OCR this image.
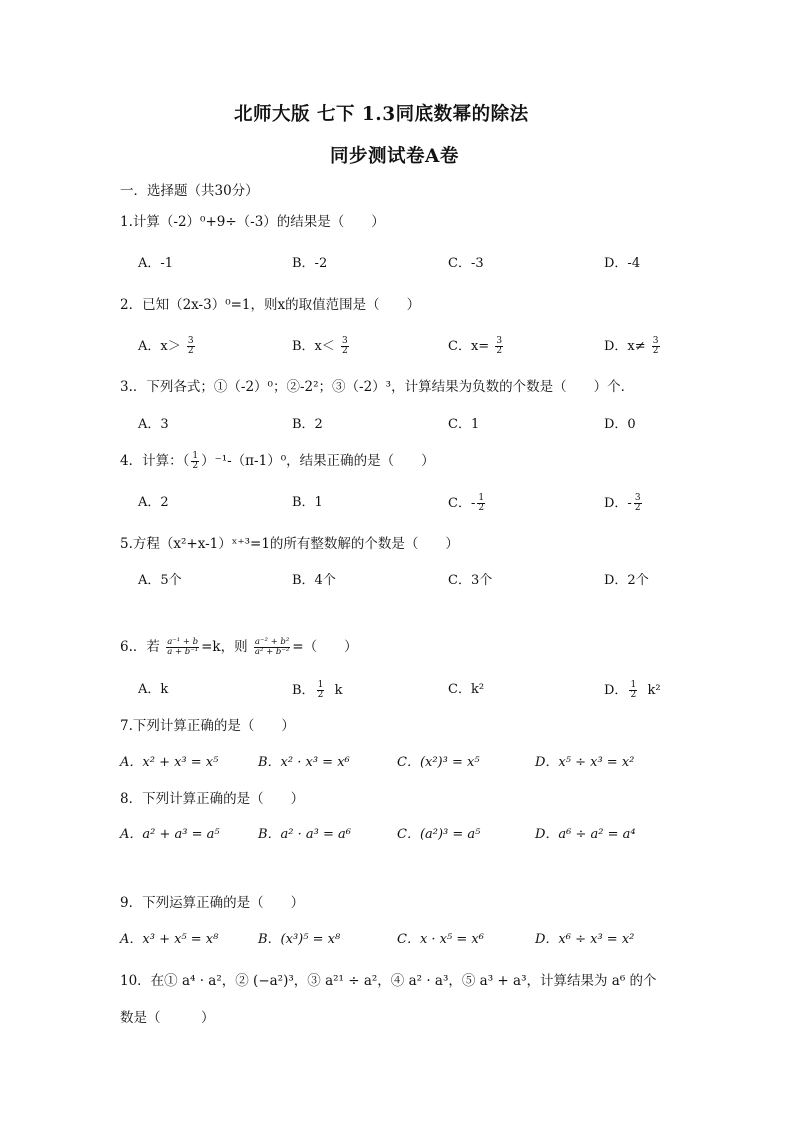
北师大版 七下 1.3同底数幂的除法
同步测试卷A卷
一．选择题（共30分）
1.计算（-2）⁰+9÷（-3）的结果是（　　）
A．-1	B．-2	C．-3	D．-4
2．已知（2x-3）⁰=1，则x的取值范围是（　　）
A．$x> \frac{3}{2}$	B．$x< \frac{3}{2}$	C．$x= \frac{3}{2}$	D．$x\ne \frac{3}{2}$
3.．下列各式；①（-2）⁰；②-2²；③（-2）³，计算结果为负数的个数是（　　）个．
A．3	B．2	C．1	D．0
4．计算：（ $\frac{1}{2} )^{-1}-(\pi-1)^0$，结果正确的是（　　）
A．2	B．1	C．- $\frac{1}{2}$	D．- $\frac{3}{2}$
5.方程（x²+x-1）ˣ⁺³=1的所有整数解的个数是（　　）
A．5个	B．4个	C．3个	D．2个
6.．若 $\frac{\text{a⁻¹ + b}}{\text{a + b⁻¹}} =k$，则 $\frac{\text{a⁻² + b²}}{\text{a² + b⁻²}}$ =（　　）
A．k	B． $\frac{1}{2}$ k	C．k²	D． $\frac{1}{2} k^2$
7.下列计算正确的是（　　）
A．x² + x³ = x⁵	B．x² · x³ = x⁶	C．(x²)³ = x⁵	D．x⁵ ÷ x³ = x²
8．下列计算正确的是（　　）
A．a² + a³ = a⁵	B．a² · a³ = a⁶	C．(a²)³ = a⁵	D．a⁶ ÷ a² = a⁴
9．下列运算正确的是（　　）
A．x³ + x⁵ = x⁸	B．(x³)⁵ = x⁸	C．x · x⁵ = x⁶	D．x⁶ ÷ x³ = x²
10．在① a⁴ · a²，② (−a²)³，③ a²¹ ÷ a²，④ a² · a³，⑤ a³ + a³，计算结果为 a⁶ 的个
数是（　　　）
